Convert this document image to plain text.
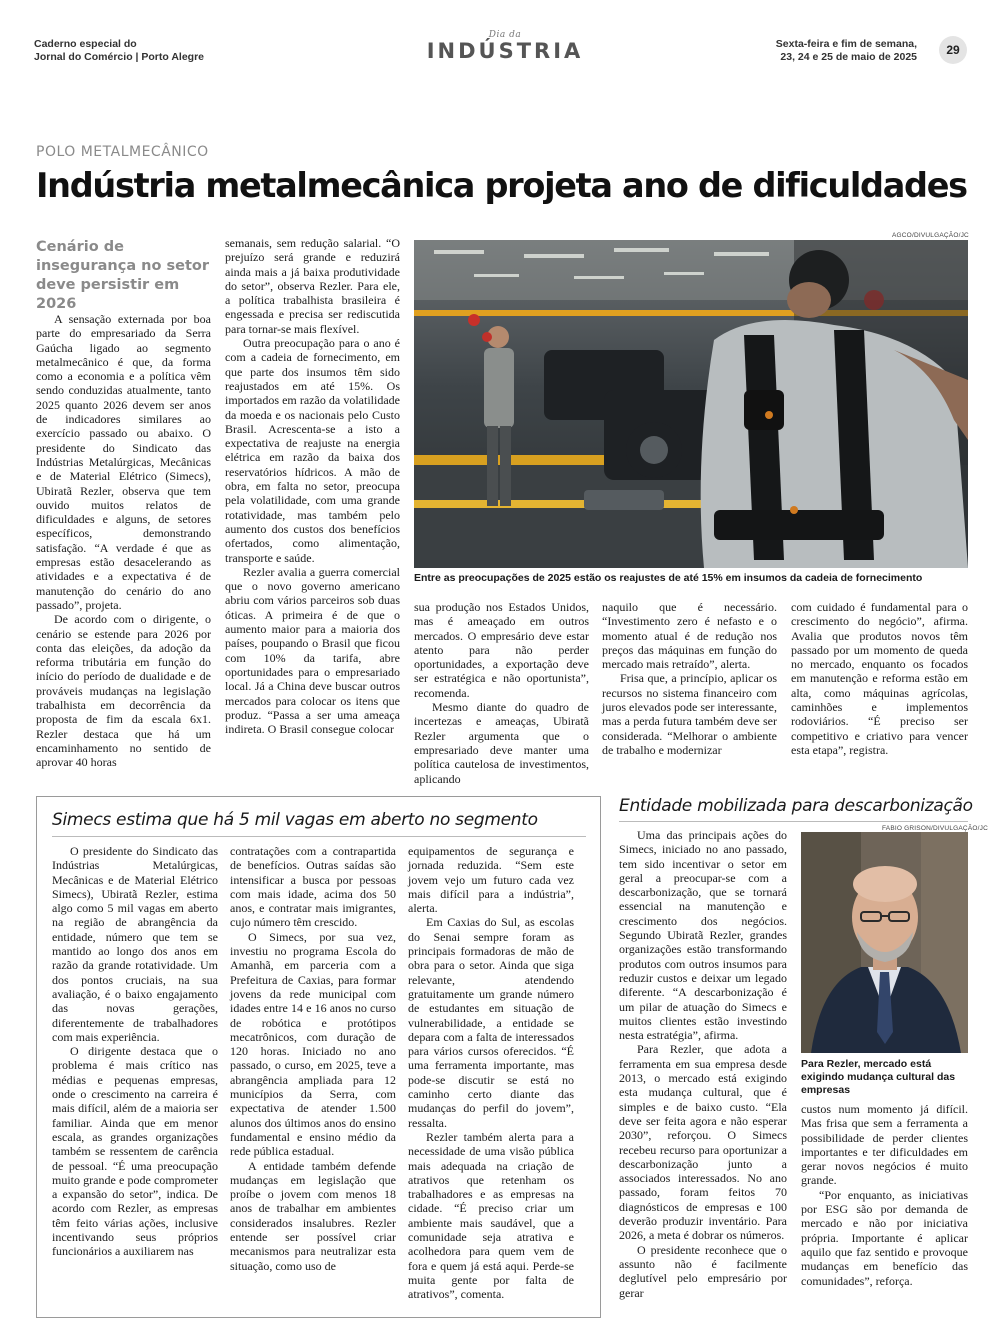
Caderno especial do
Jornal do Comércio | Porto Alegre
Dia da
INDÚSTRIA	Sexta-feira e fim de semana,
23, 24 e 25 de maio de 2025	29
POLO METALMECÂNICO
Indústria metalmecânica projeta ano de dificuldades
Cenário de insegurança no setor deve persistir em 2026

A sensação externada por boa parte do empresariado da Serra Gaúcha ligado ao segmento metalmecânico é que, da forma como a economia e a política vêm sendo conduzidas atualmente, tanto 2025 quanto 2026 devem ser anos de indicadores similares ao exercício passado ou abaixo. O presidente do Sindicato das Indústrias Metalúrgicas, Mecânicas e de Material Elétrico (Simecs), Ubiratã Rezler, observa que tem ouvido muitos relatos de dificuldades e alguns, de setores específicos, demonstrando satisfação. “A verdade é que as empresas estão desacelerando as atividades e a expectativa é de manutenção do cenário do ano passado”, projeta.

De acordo com o dirigente, o cenário se estende para 2026 por conta das eleições, da adoção da reforma tributária em função do início do período de dualidade e de prováveis mudanças na legislação trabalhista em decorrência da proposta de fim da escala 6x1. Rezler destaca que há um encaminhamento no sentido de aprovar 40 horas

semanais, sem redução salarial. “O prejuízo será grande e reduzirá ainda mais a já baixa produtividade do setor”, observa Rezler. Para ele, a política trabalhista brasileira é engessada e precisa ser rediscutida para tornar-se mais flexível.

Outra preocupação para o ano é com a cadeia de fornecimento, em que parte dos insumos têm sido reajustados em até 15%. Os importados em razão da volatilidade da moeda e os nacionais pelo Custo Brasil. Acrescenta-se a isto a expectativa de reajuste na energia elétrica em razão da baixa dos reservatórios hídricos. A mão de obra, em falta no setor, preocupa pela volatilidade, com uma grande rotatividade, mas também pelo aumento dos custos dos benefícios ofertados, como alimentação, transporte e saúde.

Rezler avalia a guerra comercial que o novo governo americano abriu com vários parceiros sob duas óticas. A primeira é de que o aumento maior para a maioria dos países, poupando o Brasil que ficou com 10% da tarifa, abre oportunidades para o empresariado local. Já a China deve buscar outros mercados para colocar os itens que produz. “Passa a ser uma ameaça indireta. O Brasil consegue colocar

AGCO/DIVULGAÇÃO/JC
Entre as preocupações de 2025 estão os reajustes de até 15% em insumos da cadeia de fornecimento

sua produção nos Estados Unidos, mas é ameaçado em outros mercados. O empresário deve estar atento para não perder oportunidades, a exportação deve ser estratégica e não oportunista”, recomenda.

Mesmo diante do quadro de incertezas e ameaças, Ubiratã Rezler argumenta que o empresariado deve manter uma política cautelosa de investimentos, aplicando

naquilo que é necessário. “Investimento zero é nefasto e o momento atual é de redução nos preços das máquinas em função do mercado mais retraído”, alerta.

Frisa que, a princípio, aplicar os recursos no sistema financeiro com juros elevados pode ser interessante, mas a perda futura também deve ser considerada. “Melhorar o ambiente de trabalho e modernizar

com cuidado é fundamental para o crescimento do negócio”, afirma. Avalia que produtos novos têm passado por um momento de queda no mercado, enquanto os focados em manutenção e reforma estão em alta, como máquinas agrícolas, caminhões e implementos rodoviários. “É preciso ser competitivo e criativo para vencer esta etapa”, registra.

Simecs estima que há 5 mil vagas em aberto no segmento

O presidente do Sindicato das Indústrias Metalúrgicas, Mecânicas e de Material Elétrico Simecs), Ubiratã Rezler, estima algo como 5 mil vagas em aberto na região de abrangência da entidade, número que tem se mantido ao longo dos anos em razão da grande rotatividade. Um dos pontos cruciais, na sua avaliação, é o baixo engajamento das novas gerações, diferentemente de trabalhadores com mais experiência.

O dirigente destaca que o problema é mais crítico nas médias e pequenas empresas, onde o crescimento na carreira é mais difícil, além de a maioria ser familiar. Ainda que em menor escala, as grandes organizações também se ressentem de carência de pessoal. “É uma preocupação muito grande e pode comprometer a expansão do setor”, indica. De acordo com Rezler, as empresas têm feito várias ações, inclusive incentivando seus próprios funcionários a auxiliarem nas

contratações com a contrapartida de benefícios. Outras saídas são intensificar a busca por pessoas com mais idade, acima dos 50 anos, e contratar mais imigrantes, cujo número têm crescido.

O Simecs, por sua vez, investiu no programa Escola do Amanhã, em parceria com a Prefeitura de Caxias, para formar jovens da rede municipal com idades entre 14 e 16 anos no curso de robótica e protótipos mecatrônicos, com duração de 120 horas. Iniciado no ano passado, o curso, em 2025, teve a abrangência ampliada para 12 municípios da Serra, com expectativa de atender 1.500 alunos dos últimos anos do ensino fundamental e ensino médio da rede pública estadual.

A entidade também defende mudanças em legislação que proíbe o jovem com menos 18 anos de trabalhar em ambientes considerados insalubres. Rezler entende ser possível criar mecanismos para neutralizar esta situação, como uso de

equipamentos de segurança e jornada reduzida. “Sem este jovem vejo um futuro cada vez mais difícil para a indústria”, alerta.

Em Caxias do Sul, as escolas do Senai sempre foram as principais formadoras de mão de obra para o setor. Ainda que siga relevante, atendendo gratuitamente um grande número de estudantes em situação de vulnerabilidade, a entidade se depara com a falta de interessados para vários cursos oferecidos. “É uma ferramenta importante, mas pode-se discutir se está no caminho certo diante das mudanças do perfil do jovem”, ressalta.

Rezler também alerta para a necessidade de uma visão pública mais adequada na criação de atrativos que retenham os trabalhadores e as empresas na cidade. “É preciso criar um ambiente mais saudável, que a comunidade seja atrativa e acolhedora para quem vem de fora e quem já está aqui. Perde-se muita gente por falta de atrativos”, comenta.

Entidade mobilizada para descarbonização

Uma das principais ações do Simecs, iniciado no ano passado, tem sido incentivar o setor em geral a preocupar-se com a descarbonização, que se tornará essencial na manutenção e crescimento dos negócios. Segundo Ubiratã Rezler, grandes organizações estão transformando produtos com outros insumos para reduzir custos e deixar um legado diferente. “A descarbonização é um pilar de atuação do Simecs e muitos clientes estão investindo nesta estratégia”, afirma.

Para Rezler, que adota a ferramenta em sua empresa desde 2013, o mercado está exigindo esta mudança cultural, que é simples e de baixo custo. “Ela deve ser feita agora e não esperar 2030”, reforçou. O Simecs recebeu recurso para oportunizar a descarbonização junto a associados interessados. No ano passado, foram feitos 70 diagnósticos de empresas e 100 deverão produzir inventário. Para 2026, a meta é dobrar os números.

O presidente reconhece que o assunto não é facilmente deglutível pelo empresário por gerar

FABIO GRISON/DIVULGAÇÃO/JC
Para Rezler, mercado está exigindo mudança cultural das empresas

custos num momento já difícil. Mas frisa que sem a ferramenta a possibilidade de perder clientes importantes e ter dificuldades em gerar novos negócios é muito grande.

“Por enquanto, as iniciativas por ESG são por demanda de mercado e não por iniciativa própria. Importante é aplicar aquilo que faz sentido e provoque mudanças em benefício das comunidades”, reforça.
